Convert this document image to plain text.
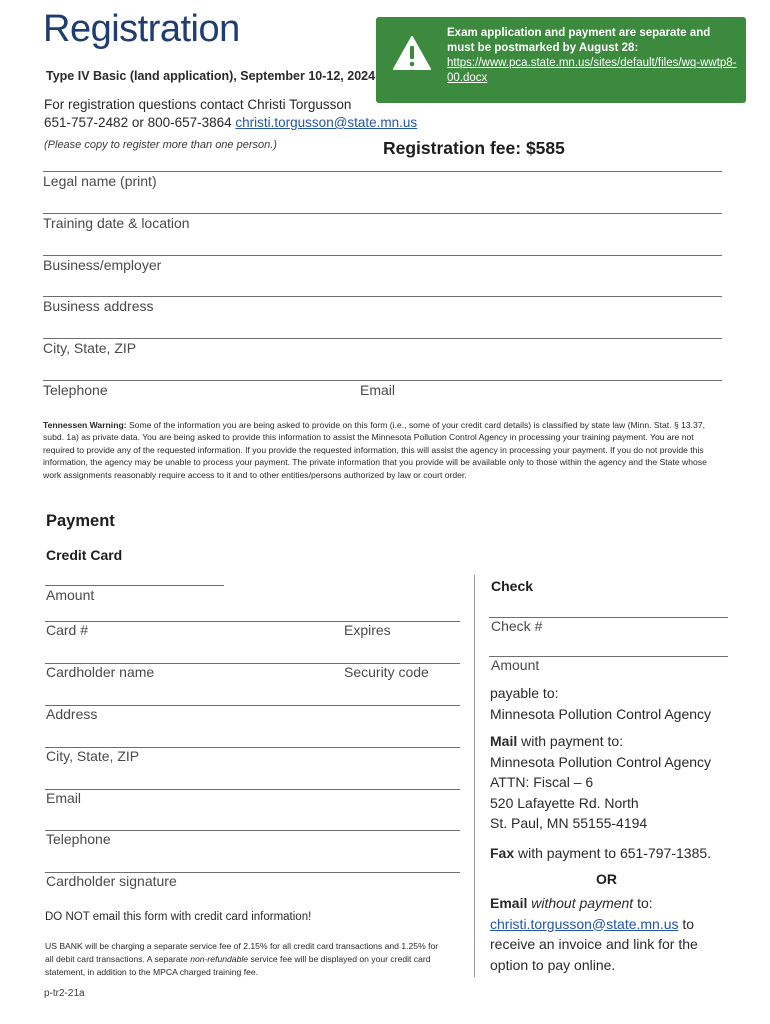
Registration
Type IV Basic (land application), September 10-12, 2024
For registration questions contact Christi Torgusson
651-757-2482 or 800-657-3864 christi.torgusson@state.mn.us
(Please copy to register more than one person.)	Registration fee: $585
Exam application and payment are separate and must be postmarked by August 28:
https://www.pca.state.mn.us/sites/default/files/wq-wwtp8-00.docx
Legal name (print)
Training date & location
Business/employer
Business address
City, State, ZIP
Telephone	Email
Tennessen Warning: Some of the information you are being asked to provide on this form (i.e., some of your credit card details) is classified by state law (Minn. Stat. § 13.37, subd. 1a) as private data. You are being asked to provide this information to assist the Minnesota Pollution Control Agency in processing your training payment. You are not required to provide any of the requested information. If you provide the requested information, this will assist the agency in processing your payment. If you do not provide this information, the agency may be unable to process your payment. The private information that you provide will be available only to those within the agency and the State whose work assignments reasonably require access to it and to other entities/persons authorized by law or court order.
Payment
Credit Card
Amount
Card #	Expires
Cardholder name	Security code
Address
City, State, ZIP
Email
Telephone
Cardholder signature
Check
Check #
Amount
payable to:
Minnesota Pollution Control Agency
Mail with payment to:
Minnesota Pollution Control Agency
ATTN: Fiscal – 6
520 Lafayette Rd. North
St. Paul, MN 55155-4194
Fax with payment to 651-797-1385.
OR
Email without payment to:
christi.torgusson@state.mn.us to
receive an invoice and link for the
option to pay online.
DO NOT email this form with credit card information!
US BANK will be charging a separate service fee of 2.15% for all credit card transactions and 1.25% for all debit card transactions. A separate non-refundable service fee will be displayed on your credit card statement, in addition to the MPCA charged training fee.
p-tr2-21a
